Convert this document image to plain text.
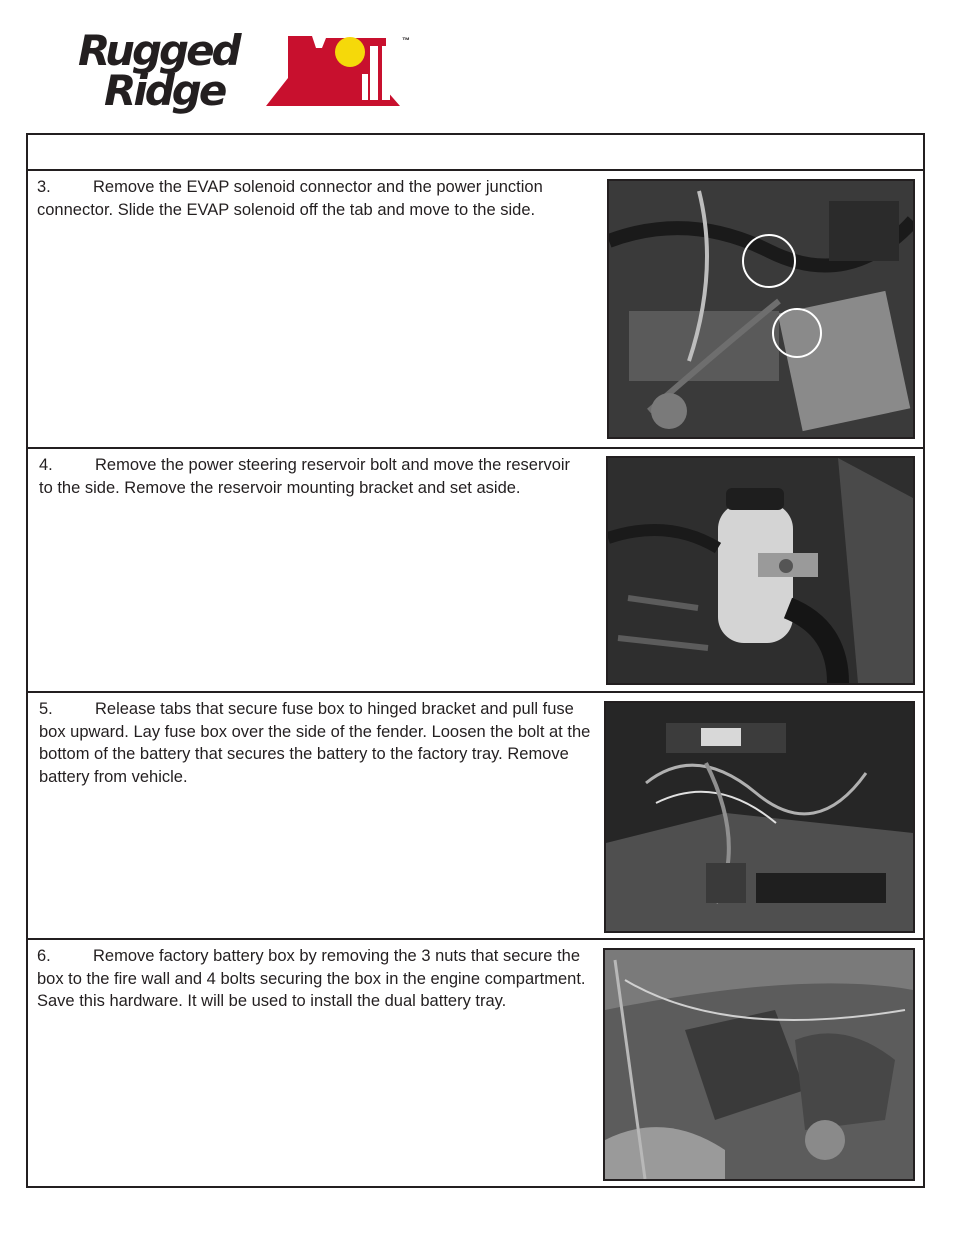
Rugged
Ridge
™
3.	Remove the EVAP solenoid connector and the power junction connector. Slide the EVAP solenoid off the tab and move to the side.
4.	Remove the power steering reservoir bolt and move the reservoir to the side. Remove the reservoir mounting bracket and set aside.
5.	Release tabs that secure fuse box to hinged bracket and pull fuse box upward. Lay fuse box over the side of the fender. Loosen the bolt at the bottom of the battery that secures the battery to the factory tray. Remove battery from vehicle.
6.	Remove factory battery box by removing the 3 nuts that secure the box to the fire wall and 4 bolts securing the box in the engine compartment. Save this hardware. It will be used to install the dual battery tray.
